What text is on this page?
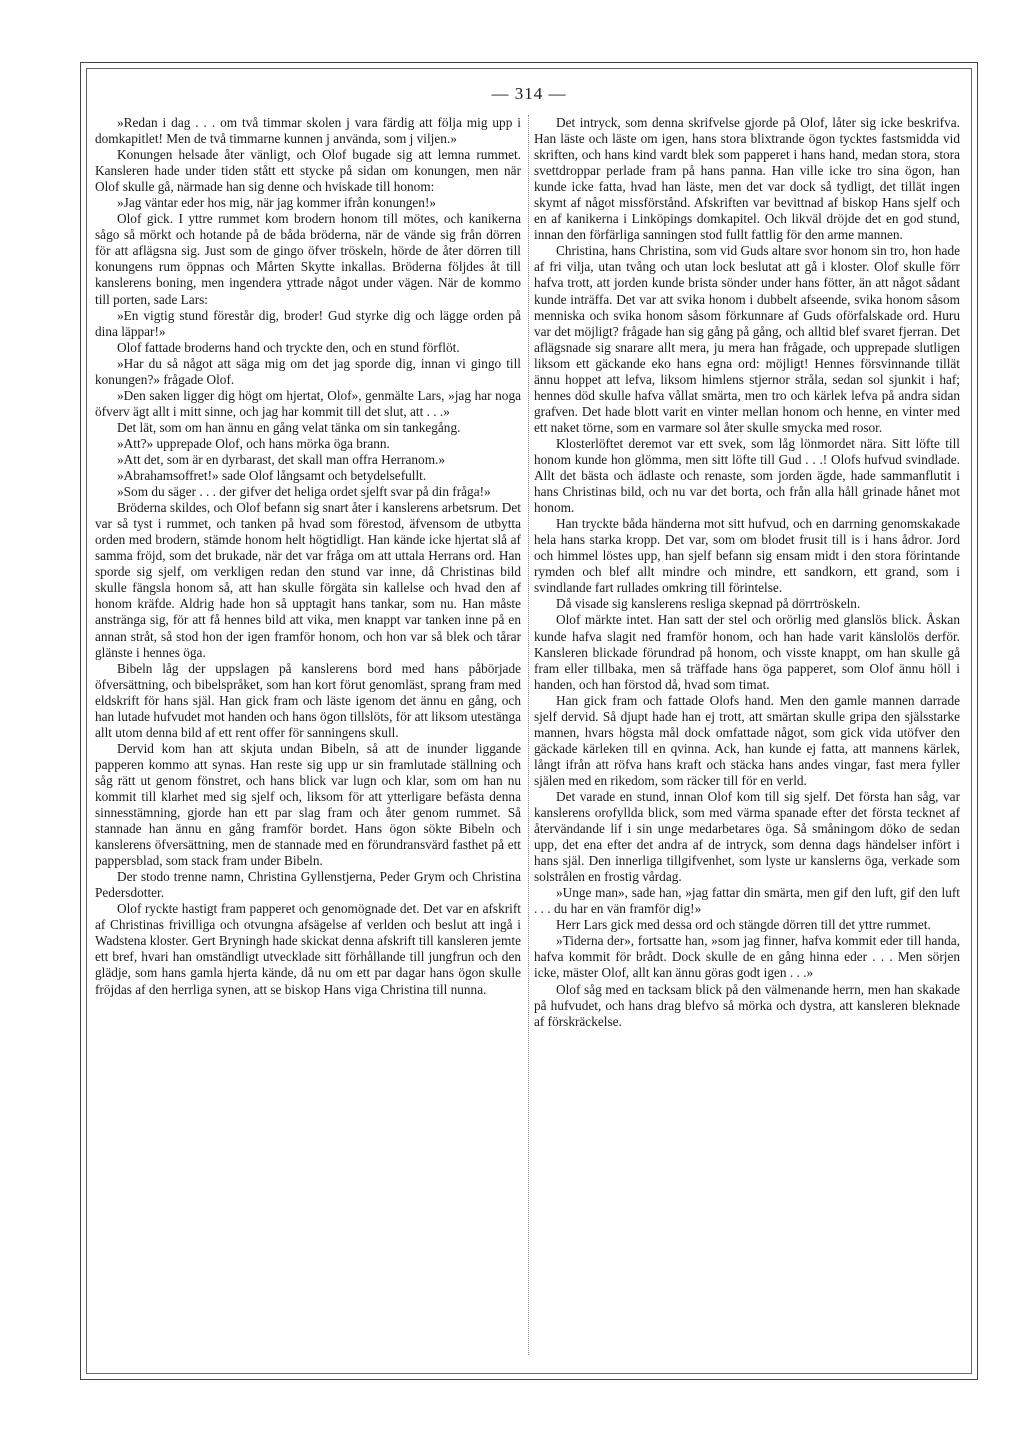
— 314 —

»Redan i dag . . . om två timmar skolen j vara färdig att följa mig upp i domkapitlet! Men de två timmarne kunnen j använda, som j viljen.»

Konungen helsade åter vänligt, och Olof bugade sig att lemna rummet. Kansleren hade under tiden stått ett stycke på sidan om konungen, men när Olof skulle gå, närmade han sig denne och hviskade till honom:

»Jag väntar eder hos mig, när jag kommer ifrån konungen!»

Olof gick. I yttre rummet kom brodern honom till mötes, och kanikerna sågo så mörkt och hotande på de båda bröderna, när de vände sig från dörren för att aflägsna sig. Just som de gingo öfver tröskeln, hörde de åter dörren till konungens rum öppnas och Mårten Skytte inkallas. Bröderna följdes åt till kanslerens boning, men ingendera yttrade något under vägen. När de kommo till porten, sade Lars:

»En vigtig stund förestår dig, broder! Gud styrke dig och lägge orden på dina läppar!»

Olof fattade broderns hand och tryckte den, och en stund förflöt.

»Har du så något att säga mig om det jag sporde dig, innan vi gingo till konungen?» frågade Olof.

»Den saken ligger dig högt om hjertat, Olof», genmälte Lars, »jag har noga öfverv ägt allt i mitt sinne, och jag har kommit till det slut, att . . .»

Det lät, som om han ännu en gång velat tänka om sin tankegång.

»Att?» upprepade Olof, och hans mörka öga brann.

»Att det, som är en dyrbarast, det skall man offra Herranom.»

»Abrahamsoffret!» sade Olof långsamt och betydelsefullt.

»Som du säger . . . der gifver det heliga ordet sjelft svar på din fråga!»

Bröderna skildes, och Olof befann sig snart åter i kanslerens arbetsrum. Det var så tyst i rummet, och tanken på hvad som förestod, äfvensom de utbytta orden med brodern, stämde honom helt högtidligt. Han kände icke hjertat slå af samma fröjd, som det brukade, när det var fråga om att uttala Herrans ord. Han sporde sig sjelf, om verkligen redan den stund var inne, då Christinas bild skulle fängsla honom så, att han skulle förgäta sin kallelse och hvad den af honom kräfde. Aldrig hade hon så upptagit hans tankar, som nu. Han måste anstränga sig, för att få hennes bild att vika, men knappt var tanken inne på en annan stråt, så stod hon der igen framför honom, och hon var så blek och tårar glänste i hennes öga.

Bibeln låg der uppslagen på kanslerens bord med hans påbörjade öfversättning, och bibelspråket, som han kort förut genomläst, sprang fram med eldskrift för hans själ. Han gick fram och läste igenom det ännu en gång, och han lutade hufvudet mot handen och hans ögon tillslöts, för att liksom utestänga allt utom denna bild af ett rent offer för sanningens skull.

Dervid kom han att skjuta undan Bibeln, så att de inunder liggande papperen kommo att synas. Han reste sig upp ur sin framlutade ställning och såg rätt ut genom fönstret, och hans blick var lugn och klar, som om han nu kommit till klarhet med sig sjelf och, liksom för att ytterligare befästa denna sinnesstämning, gjorde han ett par slag fram och åter genom rummet. Så stannade han ännu en gång framför bordet. Hans ögon sökte Bibeln och kanslerens öfversättning, men de stannade med en förundransvärd fasthet på ett pappersblad, som stack fram under Bibeln.

Der stodo trenne namn, Christina Gyllenstjerna, Peder Grym och Christina Pedersdotter.

Olof ryckte hastigt fram papperet och genomögnade det. Det var en afskrift af Christinas frivilliga och otvungna afsägelse af verlden och beslut att ingå i Wadstena kloster. Gert Bryningh hade skickat denna afskrift till kansleren jemte ett bref, hvari han omständligt utvecklade sitt förhållande till jungfrun och den glädje, som hans gamla hjerta kände, då nu om ett par dagar hans ögon skulle fröjdas af den herrliga synen, att se biskop Hans viga Christina till nunna.

Det intryck, som denna skrifvelse gjorde på Olof, låter sig icke beskrifva. Han läste och läste om igen, hans stora blixtrande ögon tycktes fastsmidda vid skriften, och hans kind vardt blek som papperet i hans hand, medan stora, stora svettdroppar perlade fram på hans panna. Han ville icke tro sina ögon, han kunde icke fatta, hvad han läste, men det var dock så tydligt, det tillät ingen skymt af något missförstånd. Afskriften var bevittnad af biskop Hans sjelf och en af kanikerna i Linköpings domkapitel. Och likväl dröjde det en god stund, innan den förfärliga sanningen stod fullt fattlig för den arme mannen.

Christina, hans Christina, som vid Guds altare svor honom sin tro, hon hade af fri vilja, utan tvång och utan lock beslutat att gå i kloster. Olof skulle förr hafva trott, att jorden kunde brista sönder under hans fötter, än att något sådant kunde inträffa. Det var att svika honom i dubbelt afseende, svika honom såsom menniska och svika honom såsom förkunnare af Guds oförfalskade ord. Huru var det möjligt? frågade han sig gång på gång, och alltid blef svaret fjerran. Det aflägsnade sig snarare allt mera, ju mera han frågade, och upprepade slutligen liksom ett gäckande eko hans egna ord: möjligt! Hennes försvinnande tillät ännu hoppet att lefva, liksom himlens stjernor stråla, sedan sol sjunkit i haf; hennes död skulle hafva vållat smärta, men tro och kärlek lefva på andra sidan grafven. Det hade blott varit en vinter mellan honom och henne, en vinter med ett naket törne, som en varmare sol åter skulle smycka med rosor.

Klosterlöftet deremot var ett svek, som låg lönmordet nära. Sitt löfte till honom kunde hon glömma, men sitt löfte till Gud . . .! Olofs hufvud svindlade. Allt det bästa och ädlaste och renaste, som jorden ägde, hade sammanflutit i hans Christinas bild, och nu var det borta, och från alla håll grinade hånet mot honom.

Han tryckte båda händerna mot sitt hufvud, och en darrning genomskakade hela hans starka kropp. Det var, som om blodet frusit till is i hans ådror. Jord och himmel löstes upp, han sjelf befann sig ensam midt i den stora förintande rymden och blef allt mindre och mindre, ett sandkorn, ett grand, som i svindlande fart rullades omkring till förintelse.

Då visade sig kanslerens resliga skepnad på dörrtröskeln.

Olof märkte intet. Han satt der stel och orörlig med glanslös blick. Åskan kunde hafva slagit ned framför honom, och han hade varit känslolös derför. Kansleren blickade förundrad på honom, och visste knappt, om han skulle gå fram eller tillbaka, men så träffade hans öga papperet, som Olof ännu höll i handen, och han förstod då, hvad som timat.

Han gick fram och fattade Olofs hand. Men den gamle mannen darrade sjelf dervid. Så djupt hade han ej trott, att smärtan skulle gripa den själsstarke mannen, hvars högsta mål dock omfattade något, som gick vida utöfver den gäckade kärleken till en qvinna. Ack, han kunde ej fatta, att mannens kärlek, långt ifrån att röfva hans kraft och stäcka hans andes vingar, fast mera fyller själen med en rikedom, som räcker till för en verld.

Det varade en stund, innan Olof kom till sig sjelf. Det första han såg, var kanslerens orofyllda blick, som med värma spanade efter det första tecknet af återvändande lif i sin unge medarbetares öga. Så småningom döko de sedan upp, det ena efter det andra af de intryck, som denna dags händelser infört i hans själ. Den innerliga tillgifvenhet, som lyste ur kanslerns öga, verkade som solstrålen en frostig vårdag.

»Unge man», sade han, »jag fattar din smärta, men gif den luft, gif den luft . . . du har en vän framför dig!»

Herr Lars gick med dessa ord och stängde dörren till det yttre rummet.

»Tiderna der», fortsatte han, »som jag finner, hafva kommit eder till handa, hafva kommit för brådt. Dock skulle de en gång hinna eder . . . Men sörjen icke, mäster Olof, allt kan ännu göras godt igen . . .»

Olof såg med en tacksam blick på den välmenande herrn, men han skakade på hufvudet, och hans drag blefvo så mörka och dystra, att kansleren bleknade af förskräckelse.
